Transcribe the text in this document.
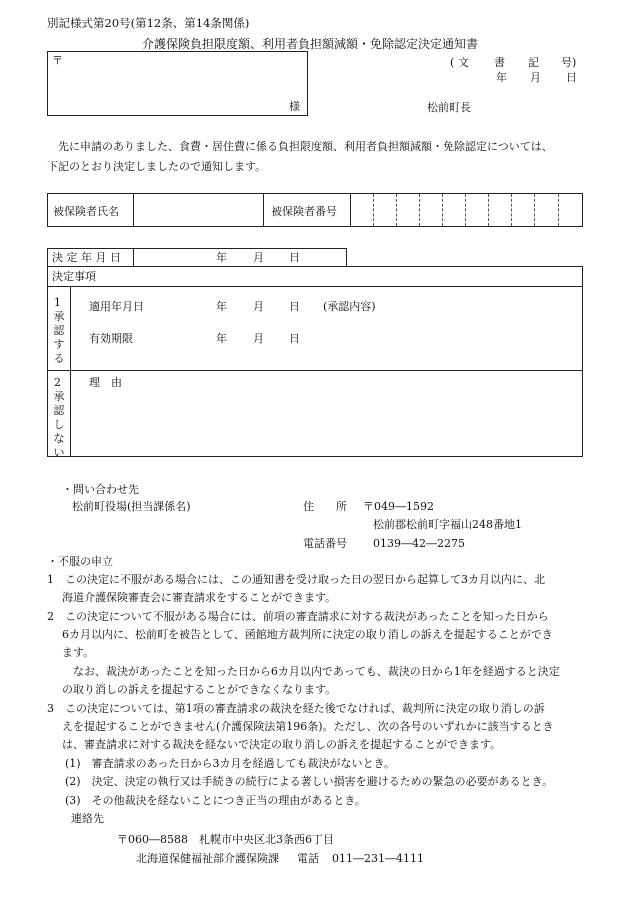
別記様式第20号(第12条、第14条関係)
介護保険負担限度額、利用者負担額減額・免除認定決定通知書
〒
様
( 文 書 記 号)
年 月 日
松前町長
先に申請のありました、食費・居住費に係る負担限度額、利用者負担額減額・免除認定については、
下記のとおり決定しましたので通知します。
被保険者氏名	被保険者番号
決 定 年 月 日	年 月 日
決定事項
1
承
認
す
る
適用年月日	年 月 日 (承認内容)
有効期限	年 月 日
2
承
認
し
な
い
理　由
・問い合わせ先
松前町役場(担当課係名)	住　　所 〒049―1592
松前郡松前町字福山248番地1
電話番号 0139―42―2275
・不服の申立
1　この決定に不服がある場合には、この通知書を受け取った日の翌日から起算して3カ月以内に、北
海道介護保険審査会に審査請求をすることができます。
2　この決定について不服がある場合には、前項の審査請求に対する裁決があったことを知った日から
6カ月以内に、松前町を被告として、函館地方裁判所に決定の取り消しの訴えを提起することができ
ます。
　なお、裁決があったことを知った日から6カ月以内であっても、裁決の日から1年を経過すると決定
の取り消しの訴えを提起することができなくなります。
3　この決定については、第1項の審査請求の裁決を経た後でなければ、裁判所に決定の取り消しの訴
えを提起することができません(介護保険法第196条)。ただし、次の各号のいずれかに該当するとき
は、審査請求に対する裁決を経ないで決定の取り消しの訴えを提起することができます。
(1)　審査請求のあった日から3カ月を経過しても裁決がないとき。
(2)　決定、決定の執行又は手続きの続行による著しい損害を避けるための緊急の必要があるとき。
(3)　その他裁決を経ないことにつき正当の理由があるとき。
連絡先
〒060―8588　札幌市中央区北3条西6丁目
北海道保健福祉部介護保険課 電話 011―231―4111
